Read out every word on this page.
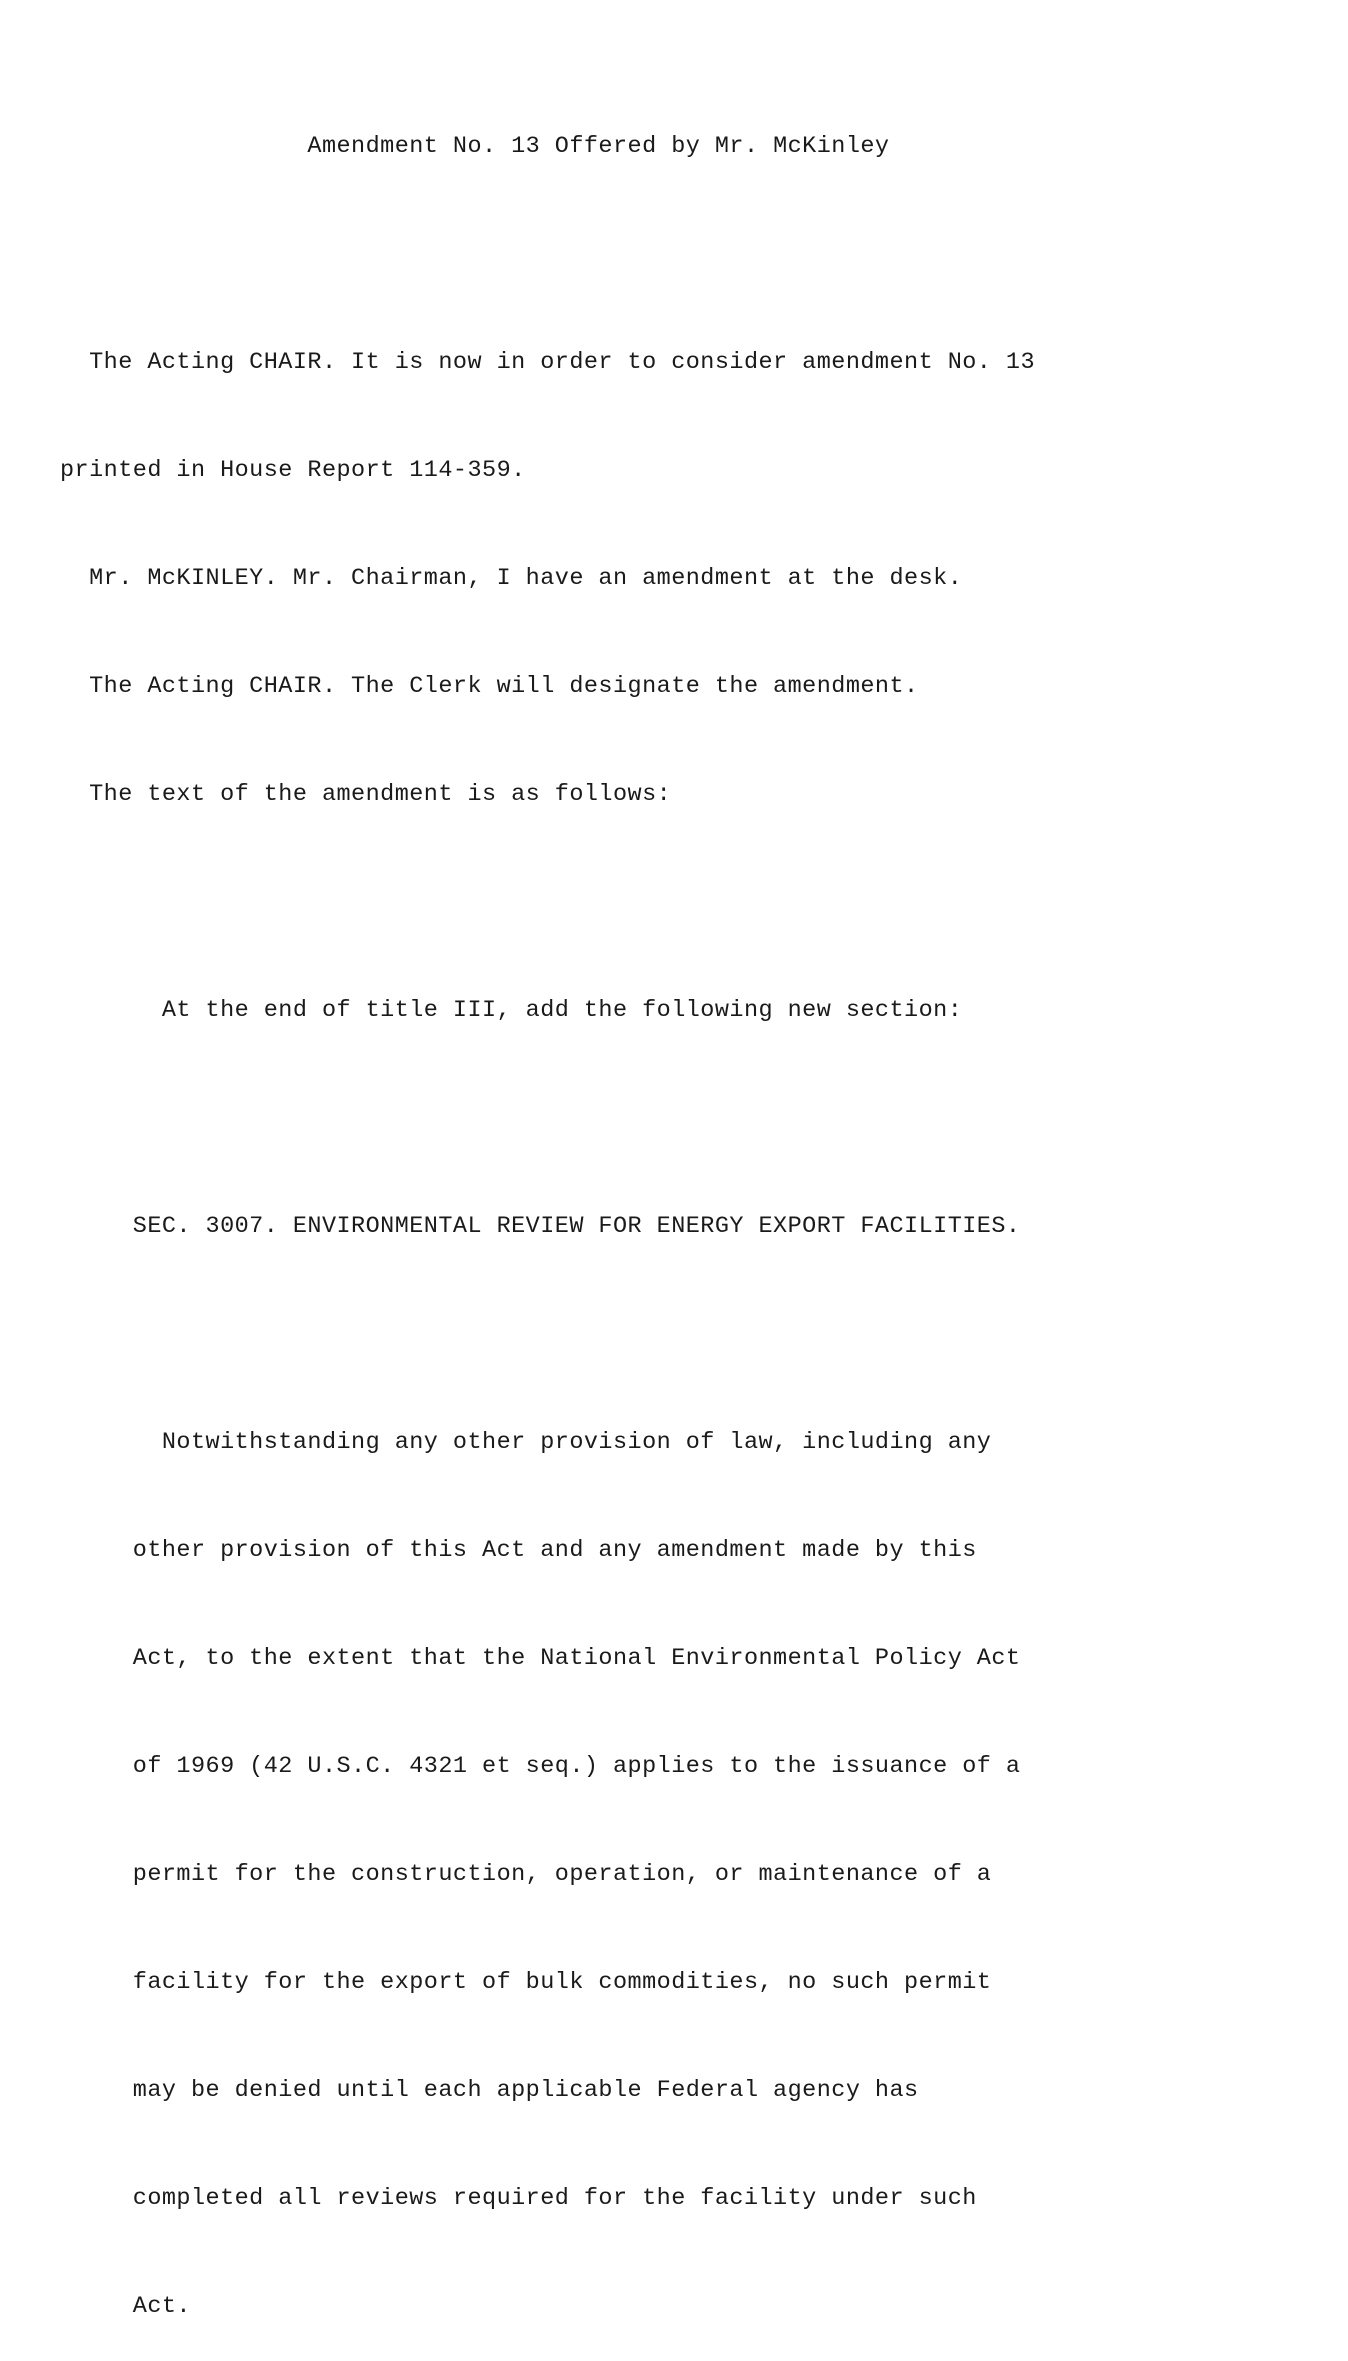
Amendment No. 13 Offered by Mr. McKinley

The Acting CHAIR. It is now in order to consider amendment No. 13

printed in House Report 114-359.

Mr. McKINLEY. Mr. Chairman, I have an amendment at the desk.

The Acting CHAIR. The Clerk will designate the amendment.

The text of the amendment is as follows:

At the end of title III, add the following new section:

SEC. 3007. ENVIRONMENTAL REVIEW FOR ENERGY EXPORT FACILITIES.

Notwithstanding any other provision of law, including any

other provision of this Act and any amendment made by this

Act, to the extent that the National Environmental Policy Act

of 1969 (42 U.S.C. 4321 et seq.) applies to the issuance of a

permit for the construction, operation, or maintenance of a

facility for the export of bulk commodities, no such permit

may be denied until each applicable Federal agency has

completed all reviews required for the facility under such

Act.
